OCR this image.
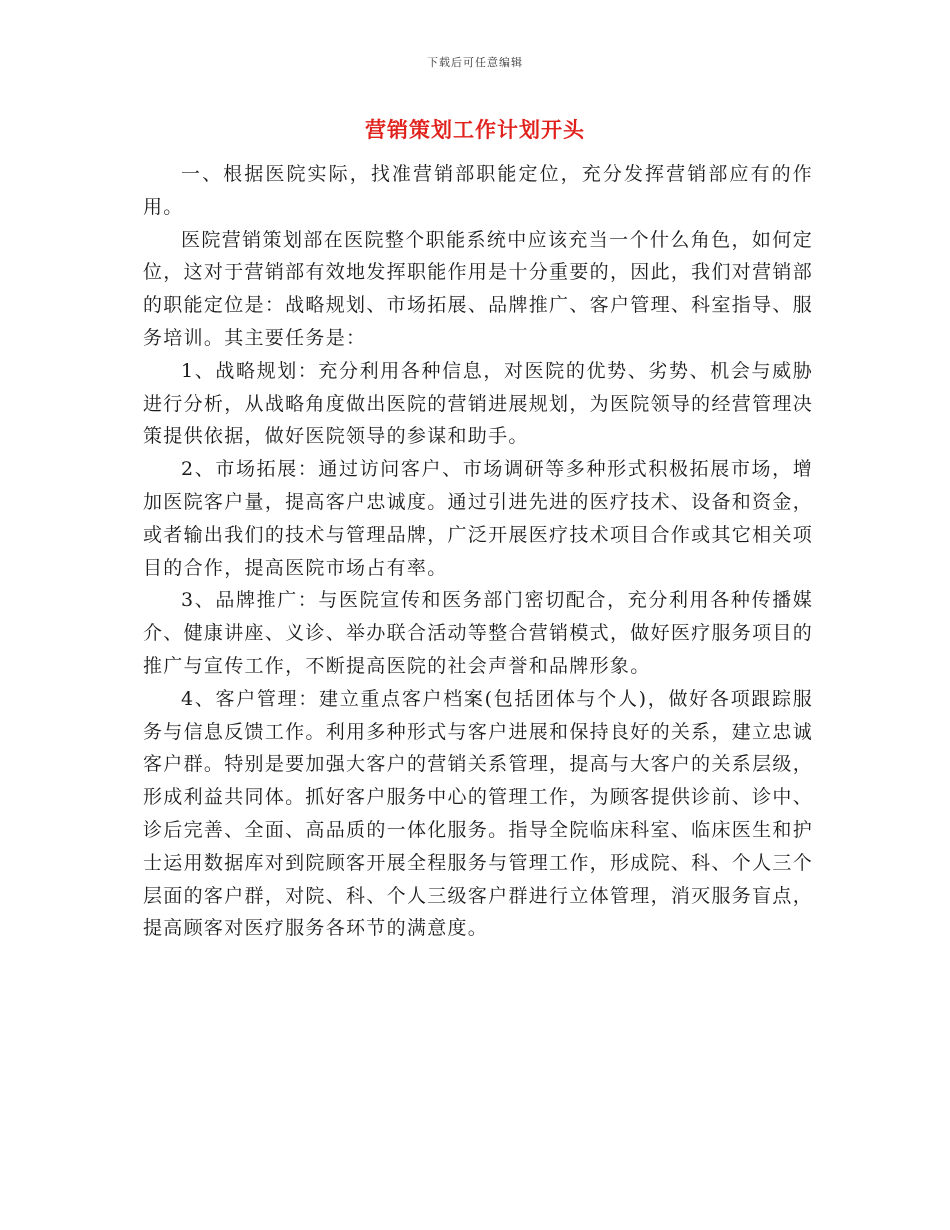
下载后可任意编辑
营销策划工作计划开头

一、根据医院实际，找准营销部职能定位，充分发挥营销部应有的作用。

医院营销策划部在医院整个职能系统中应该充当一个什么角色，如何定位，这对于营销部有效地发挥职能作用是十分重要的，因此，我们对营销部的职能定位是：战略规划、市场拓展、品牌推广、客户管理、科室指导、服务培训。其主要任务是：

1、战略规划：充分利用各种信息，对医院的优势、劣势、机会与威胁进行分析，从战略角度做出医院的营销进展规划，为医院领导的经营管理决策提供依据，做好医院领导的参谋和助手。

2、市场拓展：通过访问客户、市场调研等多种形式积极拓展市场，增加医院客户量，提高客户忠诚度。通过引进先进的医疗技术、设备和资金，或者输出我们的技术与管理品牌，广泛开展医疗技术项目合作或其它相关项目的合作，提高医院市场占有率。

3、品牌推广：与医院宣传和医务部门密切配合，充分利用各种传播媒介、健康讲座、义诊、举办联合活动等整合营销模式，做好医疗服务项目的推广与宣传工作，不断提高医院的社会声誉和品牌形象。

4、客户管理：建立重点客户档案(包括团体与个人)，做好各项跟踪服务与信息反馈工作。利用多种形式与客户进展和保持良好的关系，建立忠诚客户群。特别是要加强大客户的营销关系管理，提高与大客户的关系层级，形成利益共同体。抓好客户服务中心的管理工作，为顾客提供诊前、诊中、诊后完善、全面、高品质的一体化服务。指导全院临床科室、临床医生和护士运用数据库对到院顾客开展全程服务与管理工作，形成院、科、个人三个层面的客户群，对院、科、个人三级客户群进行立体管理，消灭服务盲点，提高顾客对医疗服务各环节的满意度。
